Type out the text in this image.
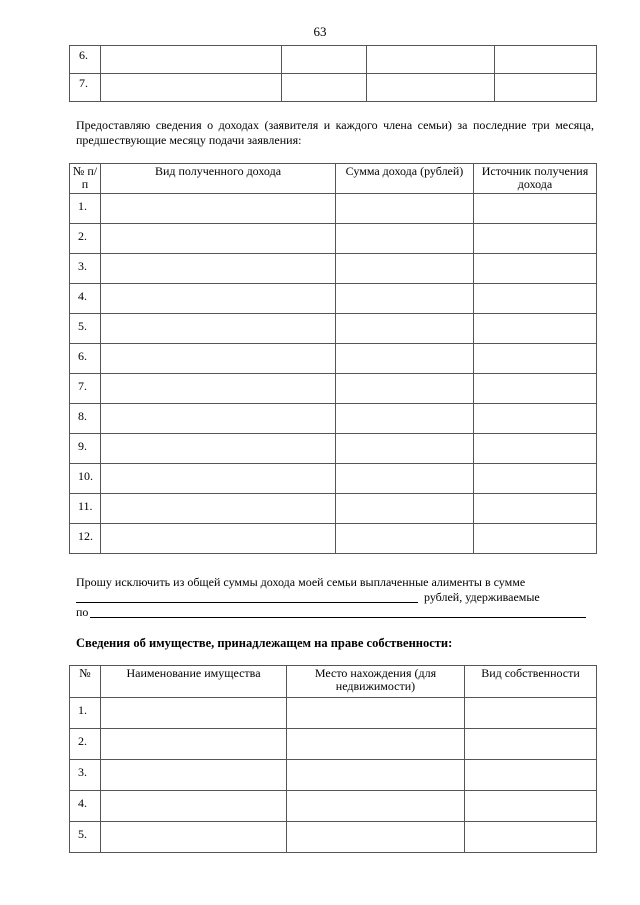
63
6.				
7.				
Предоставляю сведения о доходах (заявителя и каждого члена семьи) за последние три месяца, предшествующие месяцу подачи заявления:
№ п/п	Вид полученного дохода	Сумма дохода (рублей)	Источник получения дохода
1.			
2.			
3.			
4.			
5.			
6.			
7.			
8.			
9.			
10.			
11.			
12.			
Прошу исключить из общей суммы дохода моей семьи выплаченные алименты в сумме
рублей, удерживаемые
по
Сведения об имуществе, принадлежащем на праве собственности:
№	Наименование имущества	Место нахождения (для недвижимости)	Вид собственности
1.			
2.			
3.			
4.			
5.			
